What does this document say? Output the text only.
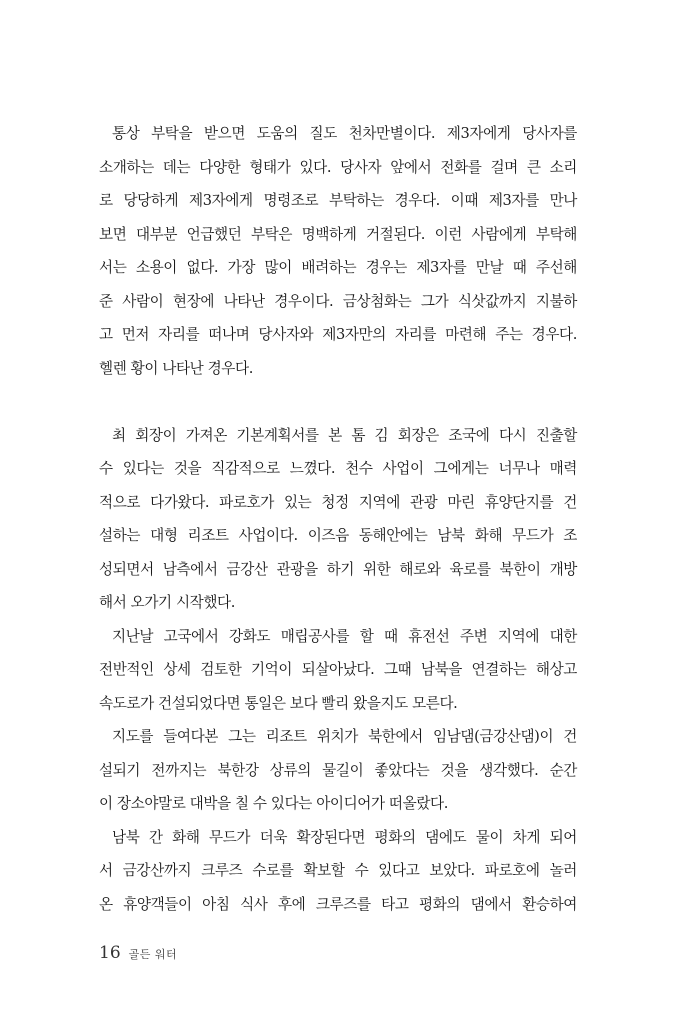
통상 부탁을 받으면 도움의 질도 천차만별이다. 제3자에게 당사자를
소개하는 데는 다양한 형태가 있다. 당사자 앞에서 전화를 걸며 큰 소리
로 당당하게 제3자에게 명령조로 부탁하는 경우다. 이때 제3자를 만나
보면 대부분 언급했던 부탁은 명백하게 거절된다. 이런 사람에게 부탁해
서는 소용이 없다. 가장 많이 배려하는 경우는 제3자를 만날 때 주선해
준 사람이 현장에 나타난 경우이다. 금상첨화는 그가 식삿값까지 지불하
고 먼저 자리를 떠나며 당사자와 제3자만의 자리를 마련해 주는 경우다.
헬렌 황이 나타난 경우다.
최 회장이 가져온 기본계획서를 본 톰 김 회장은 조국에 다시 진출할
수 있다는 것을 직감적으로 느꼈다. 천수 사업이 그에게는 너무나 매력
적으로 다가왔다. 파로호가 있는 청정 지역에 관광 마린 휴양단지를 건
설하는 대형 리조트 사업이다. 이즈음 동해안에는 남북 화해 무드가 조
성되면서 남측에서 금강산 관광을 하기 위한 해로와 육로를 북한이 개방
해서 오가기 시작했다.
지난날 고국에서 강화도 매립공사를 할 때 휴전선 주변 지역에 대한
전반적인 상세 검토한 기억이 되살아났다. 그때 남북을 연결하는 해상고
속도로가 건설되었다면 통일은 보다 빨리 왔을지도 모른다.
지도를 들여다본 그는 리조트 위치가 북한에서 임남댐(금강산댐)이 건
설되기 전까지는 북한강 상류의 물길이 좋았다는 것을 생각했다. 순간
이 장소야말로 대박을 칠 수 있다는 아이디어가 떠올랐다.
남북 간 화해 무드가 더욱 확장된다면 평화의 댐에도 물이 차게 되어
서 금강산까지 크루즈 수로를 확보할 수 있다고 보았다. 파로호에 놀러
온 휴양객들이 아침 식사 후에 크루즈를 타고 평화의 댐에서 환승하여
16 골든 워터
